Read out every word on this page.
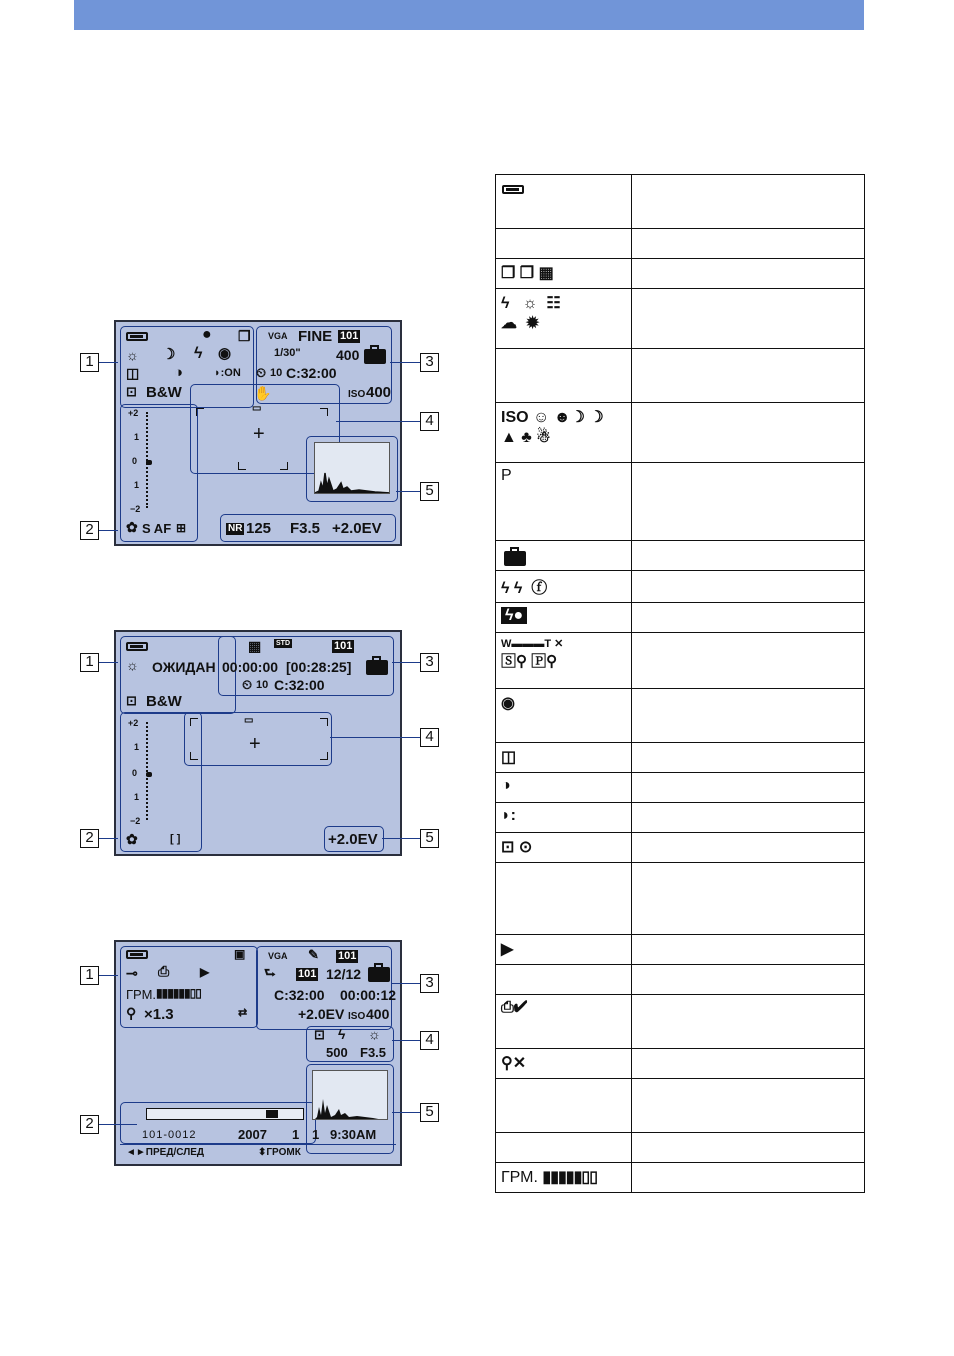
● ❐
☼ ☽ ϟ ◉
◫ ◑	◗:ON
⊡ B&W
VGA FINE 101
1/30"	400
⏲ 10 C:32:00
ISO 400
✋
▭
+
+2
1
0
1
−2
✿ S AF ⊞	NR 125 F3.5 +2.0EV
1
2
3
4
5
▦ STD	101
☼ ОЖИДАН 00:00:00 [00:28:25]
⏲ 10 C:32:00
⊡ B&W
▭
+
+2
1
0
1
−2
✿	[ ]	+2.0EV
1
2
3
4
5
▣	VGA ✎ 101
⊸ ⎙	▶	⮑ 101 12/12
ГРМ. ▮▮▮▮▮▮▯▯	C:32:00 00:00:12
⚲ ×1.3	⇄	+2.0EV ISO 400
⊡ ϟ ☼
500 F3.5
101-0012	2007 1 1 9:30AM
◄►ПРЕД/СЛЕД	⬍ГРОМК
1
2
3
4
5

❐ ❐ ▦	

ϟ   ☼  ☷
☁  ✹	

ISO ☺ ☻☽ ☽
▲ ♣ ☃	

P	

ϟ ϟ  ⓕ	

ϟ●	

W▬▬▬T ✕
🅂⚲ 🄿⚲	

◉	

◫	

◑	

◗:	

⊡ ⊙	

▶	

⎙✔	

⚲✕	

ГРМ. ▮▮▮▮▮▯▯	
